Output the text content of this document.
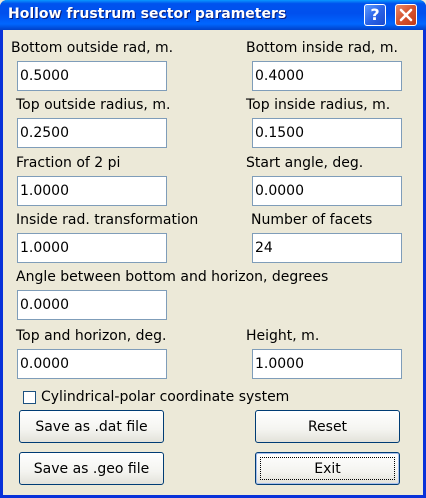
Hollow frustrum sector parameters	?
Bottom outside rad, m.	Bottom inside rad, m.
0.5000	0.4000
Top outside radius, m.	Top inside radius, m.
0.2500	0.1500
Fraction of 2 pi	Start angle, deg.
1.0000	0.0000
Inside rad. transformation	Number of facets
1.0000	24
Angle between bottom and horizon, degrees
0.0000
Top and horizon, deg.	Height, m.
0.0000	1.0000
Cylindrical-polar coordinate system
Save as .dat file	Reset
Save as .geo file	Exit
